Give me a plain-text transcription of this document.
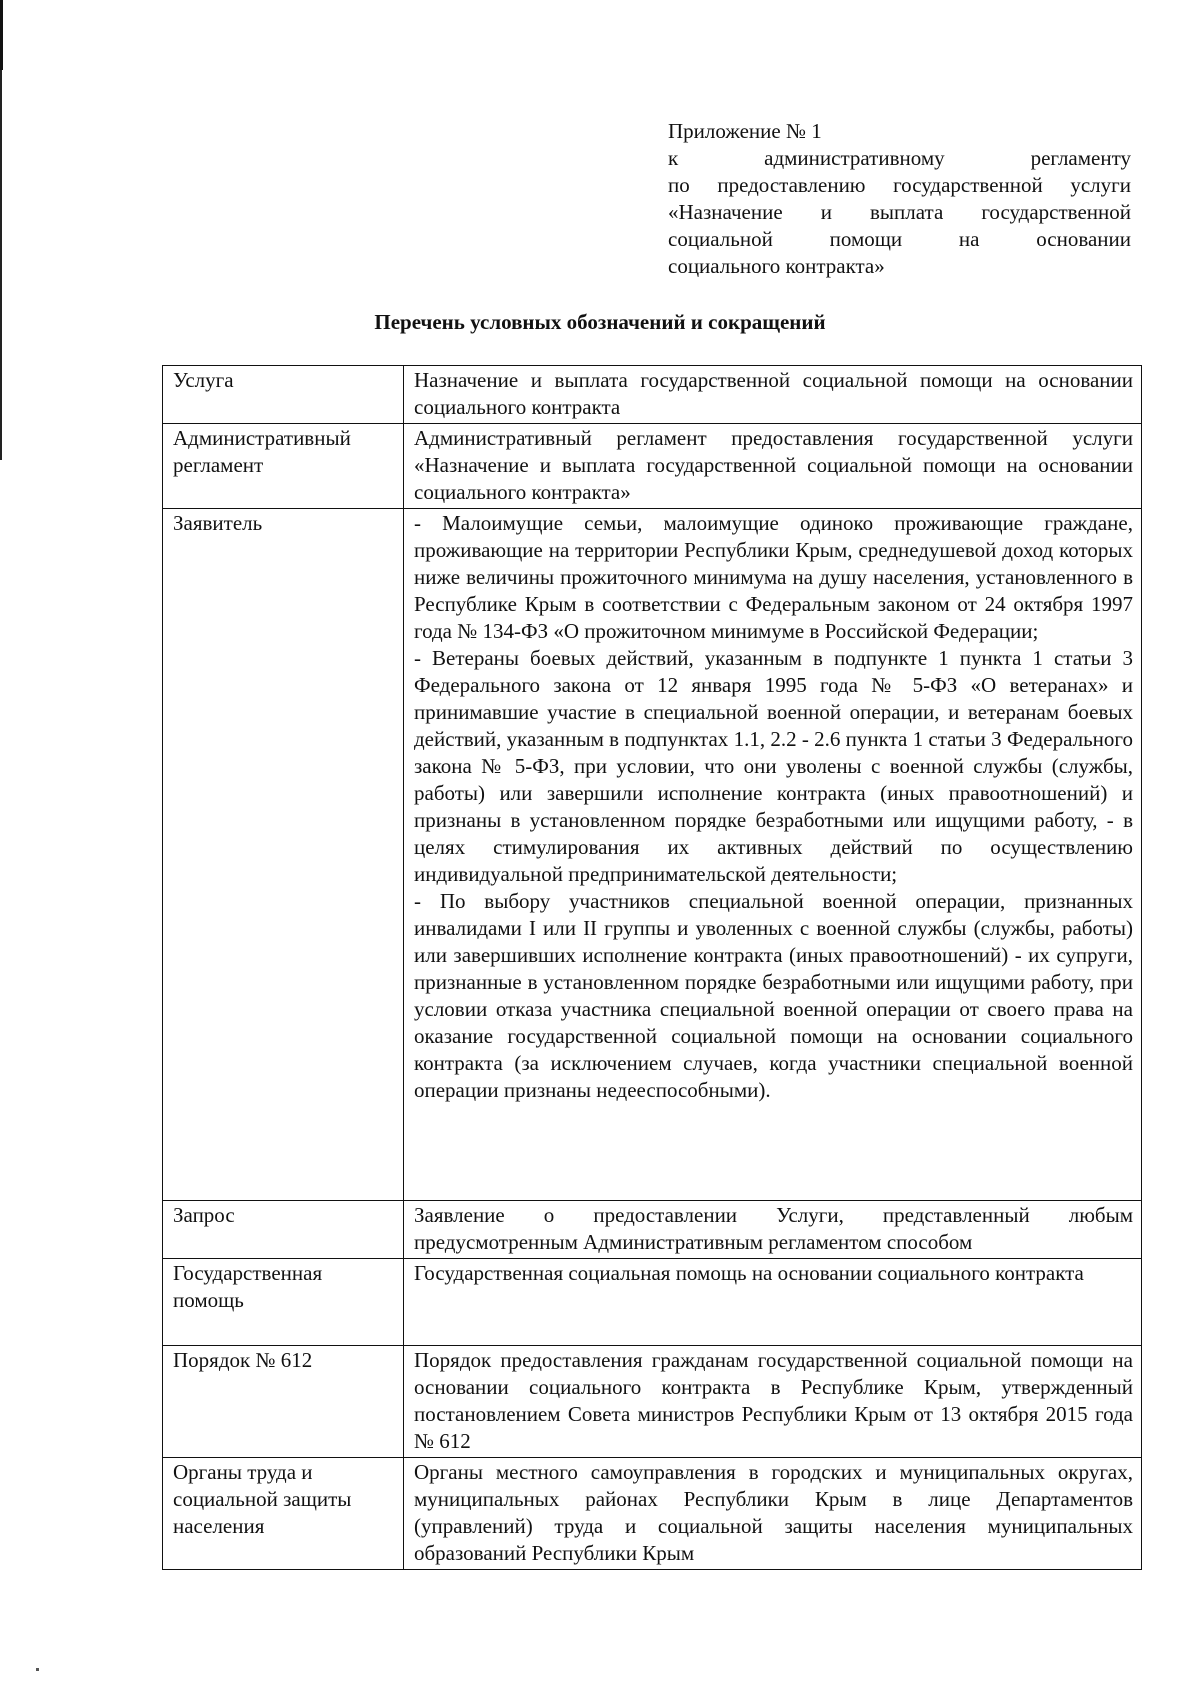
Приложение № 1
к административному регламенту
по предоставлению государственной услуги
«Назначение и выплата государственной
социальной помощи на основании
социального контракта»
Перечень условных обозначений и сокращений
Услуга	Назначение и выплата государственной социальной помощи на основании социального контракта

Административный регламент	Административный регламент предоставления государственной услуги «Назначение и выплата государственной социальной помощи на основании социального контракта»

Заявитель	- Малоимущие семьи, малоимущие одиноко проживающие граждане, проживающие на территории Республики Крым, среднедушевой доход которых ниже величины прожиточного минимума на душу населения, установленного в Республике Крым в соответствии с Федеральным законом от 24 октября 1997 года № 134-ФЗ «О прожиточном минимуме в Российской Федерации;
- Ветераны боевых действий, указанным в подпункте 1 пункта 1 статьи 3 Федерального закона от 12 января 1995 года № 5-ФЗ «О ветеранах» и принимавшие участие в специальной военной операции, и ветеранам боевых действий, указанным в подпунктах 1.1, 2.2 - 2.6 пункта 1 статьи 3 Федерального закона № 5-ФЗ, при условии, что они уволены с военной службы (службы, работы) или завершили исполнение контракта (иных правоотношений) и признаны в установленном порядке безработными или ищущими работу, - в целях стимулирования их активных действий по осуществлению индивидуальной предпринимательской деятельности;
- По выбору участников специальной военной операции, признанных инвалидами I или II группы и уволенных с военной службы (службы, работы) или завершивших исполнение контракта (иных правоотношений) - их супруги, признанные в установленном порядке безработными или ищущими работу, при условии отказа участника специальной военной операции от своего права на оказание государственной социальной помощи на основании социального контракта (за исключением случаев, когда участники специальной военной операции признаны недееспособными).

Запрос	Заявление о предоставлении Услуги, представленный любым предусмотренным Административным регламентом способом

Государственная помощь	Государственная социальная помощь на основании социального контракта

Порядок № 612	Порядок предоставления гражданам государственной социальной помощи на основании социального контракта в Республике Крым, утвержденный постановлением Совета министров Республики Крым от 13 октября 2015 года № 612

Органы труда и социальной защиты населения	Органы местного самоуправления в городских и муниципальных округах, муниципальных районах Республики Крым в лице Департаментов (управлений) труда и социальной защиты населения муниципальных образований Республики Крым
